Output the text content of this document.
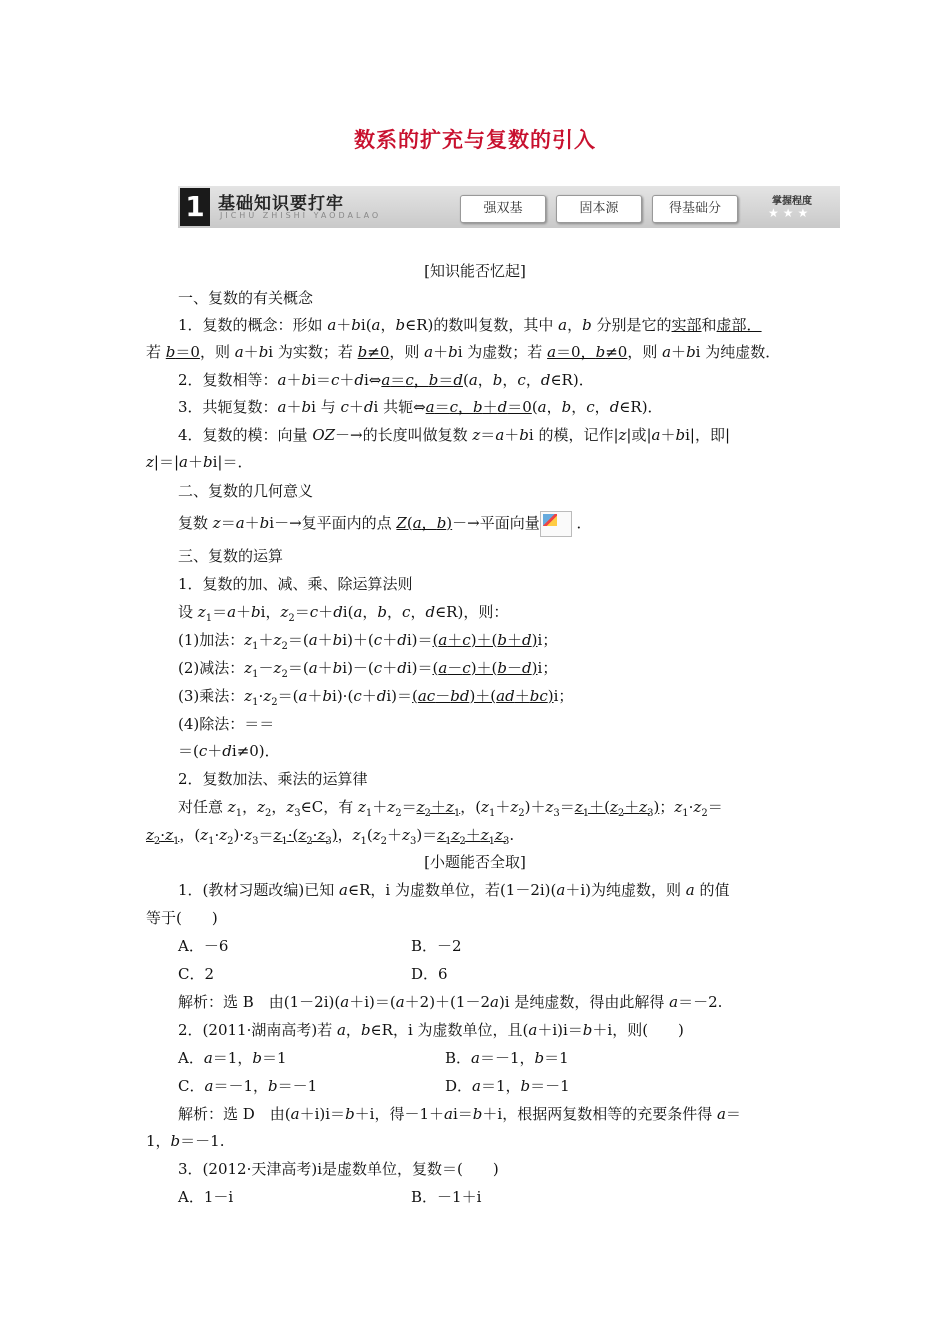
数系的扩充与复数的引入
1 基础知识要打牢
JICHU ZHISHI YAODALAO	强双基	固本源	得基础分	掌握程度
★★★
[知识能否忆起]
一、复数的有关概念
1．复数的概念：形如 a＋bi(a，b∈R)的数叫复数，其中 a，b 分别是它的实部和虚部．
若 b＝0，则 a＋bi 为实数；若 b≠0，则 a＋bi 为虚数；若 a＝0，b≠0，则 a＋bi 为纯虚数．
2．复数相等：a＋bi＝c＋di⇔a＝c，b＝d(a，b，c，d∈R)．
3．共轭复数：a＋bi 与 c＋di 共轭⇔a＝c，b＋d＝0(a，b，c，d∈R)．
4．复数的模：向量 OZ－→的长度叫做复数 z＝a＋bi 的模，记作|z|或|a＋bi|，即|
z|＝|a＋bi|＝．
二、复数的几何意义
复数 z＝a＋bi－→复平面内的点 Z(a，b)－→平面向量 ．
三、复数的运算
1．复数的加、减、乘、除运算法则
设 $z_1=a+bi$，$z_2=c+di(a$，b，c，d∈R)，则：
(1)加法：$z_1+z_2=(a+bi)+(c+di)=(a+c)+(b+d)i$；
(2)减法：$z_1-z_2=(a+bi)-(c+di)=(a-c)+(b-d)i$；
(3)乘法：$z_1\cdot z_2=(a+bi)\cdot(c+di)=(ac-bd)+(ad+bc)i$；
(4)除法：＝＝
＝(c＋di≠0)．
2．复数加法、乘法的运算律
对任意 $z_1$，$z_2$，$z_3\in C$，有 $z_1+z_2=z_2+z_1$，$(z_1+z_2)+z_3=z_1+(z_2+z_3)$；$z_1\cdot z_2=$
$z_2\cdot z_1$，$(z_1\cdot z_2)\cdot z_3=z_1\cdot(z_2\cdot z_3)$，$z_1(z_2+z_3)=z_1z_2+z_1z_3$.
[小题能否全取]
1．(教材习题改编)已知 a∈R，i 为虚数单位，若(1－2i)(a＋i)为纯虚数，则 a 的值
等于(　　)
A．－6	B．－2
C．2	D．6
解析：选 B　由(1－2i)(a＋i)＝(a＋2)＋(1－2a)i 是纯虚数，得由此解得 a＝－2.
2．(2011·湖南高考)若 a，b∈R，i 为虚数单位，且(a＋i)i＝b＋i，则(　　)
A．a＝1，b＝1	B．a＝－1，b＝1
C．a＝－1，b＝－1	D．a＝1，b＝－1
解析：选 D　由(a＋i)i＝b＋i，得－1＋ai＝b＋i，根据两复数相等的充要条件得 a＝
1，b＝－1.
3．(2012·天津高考)i是虚数单位，复数＝(　　)
A．1－i	B．－1＋i
